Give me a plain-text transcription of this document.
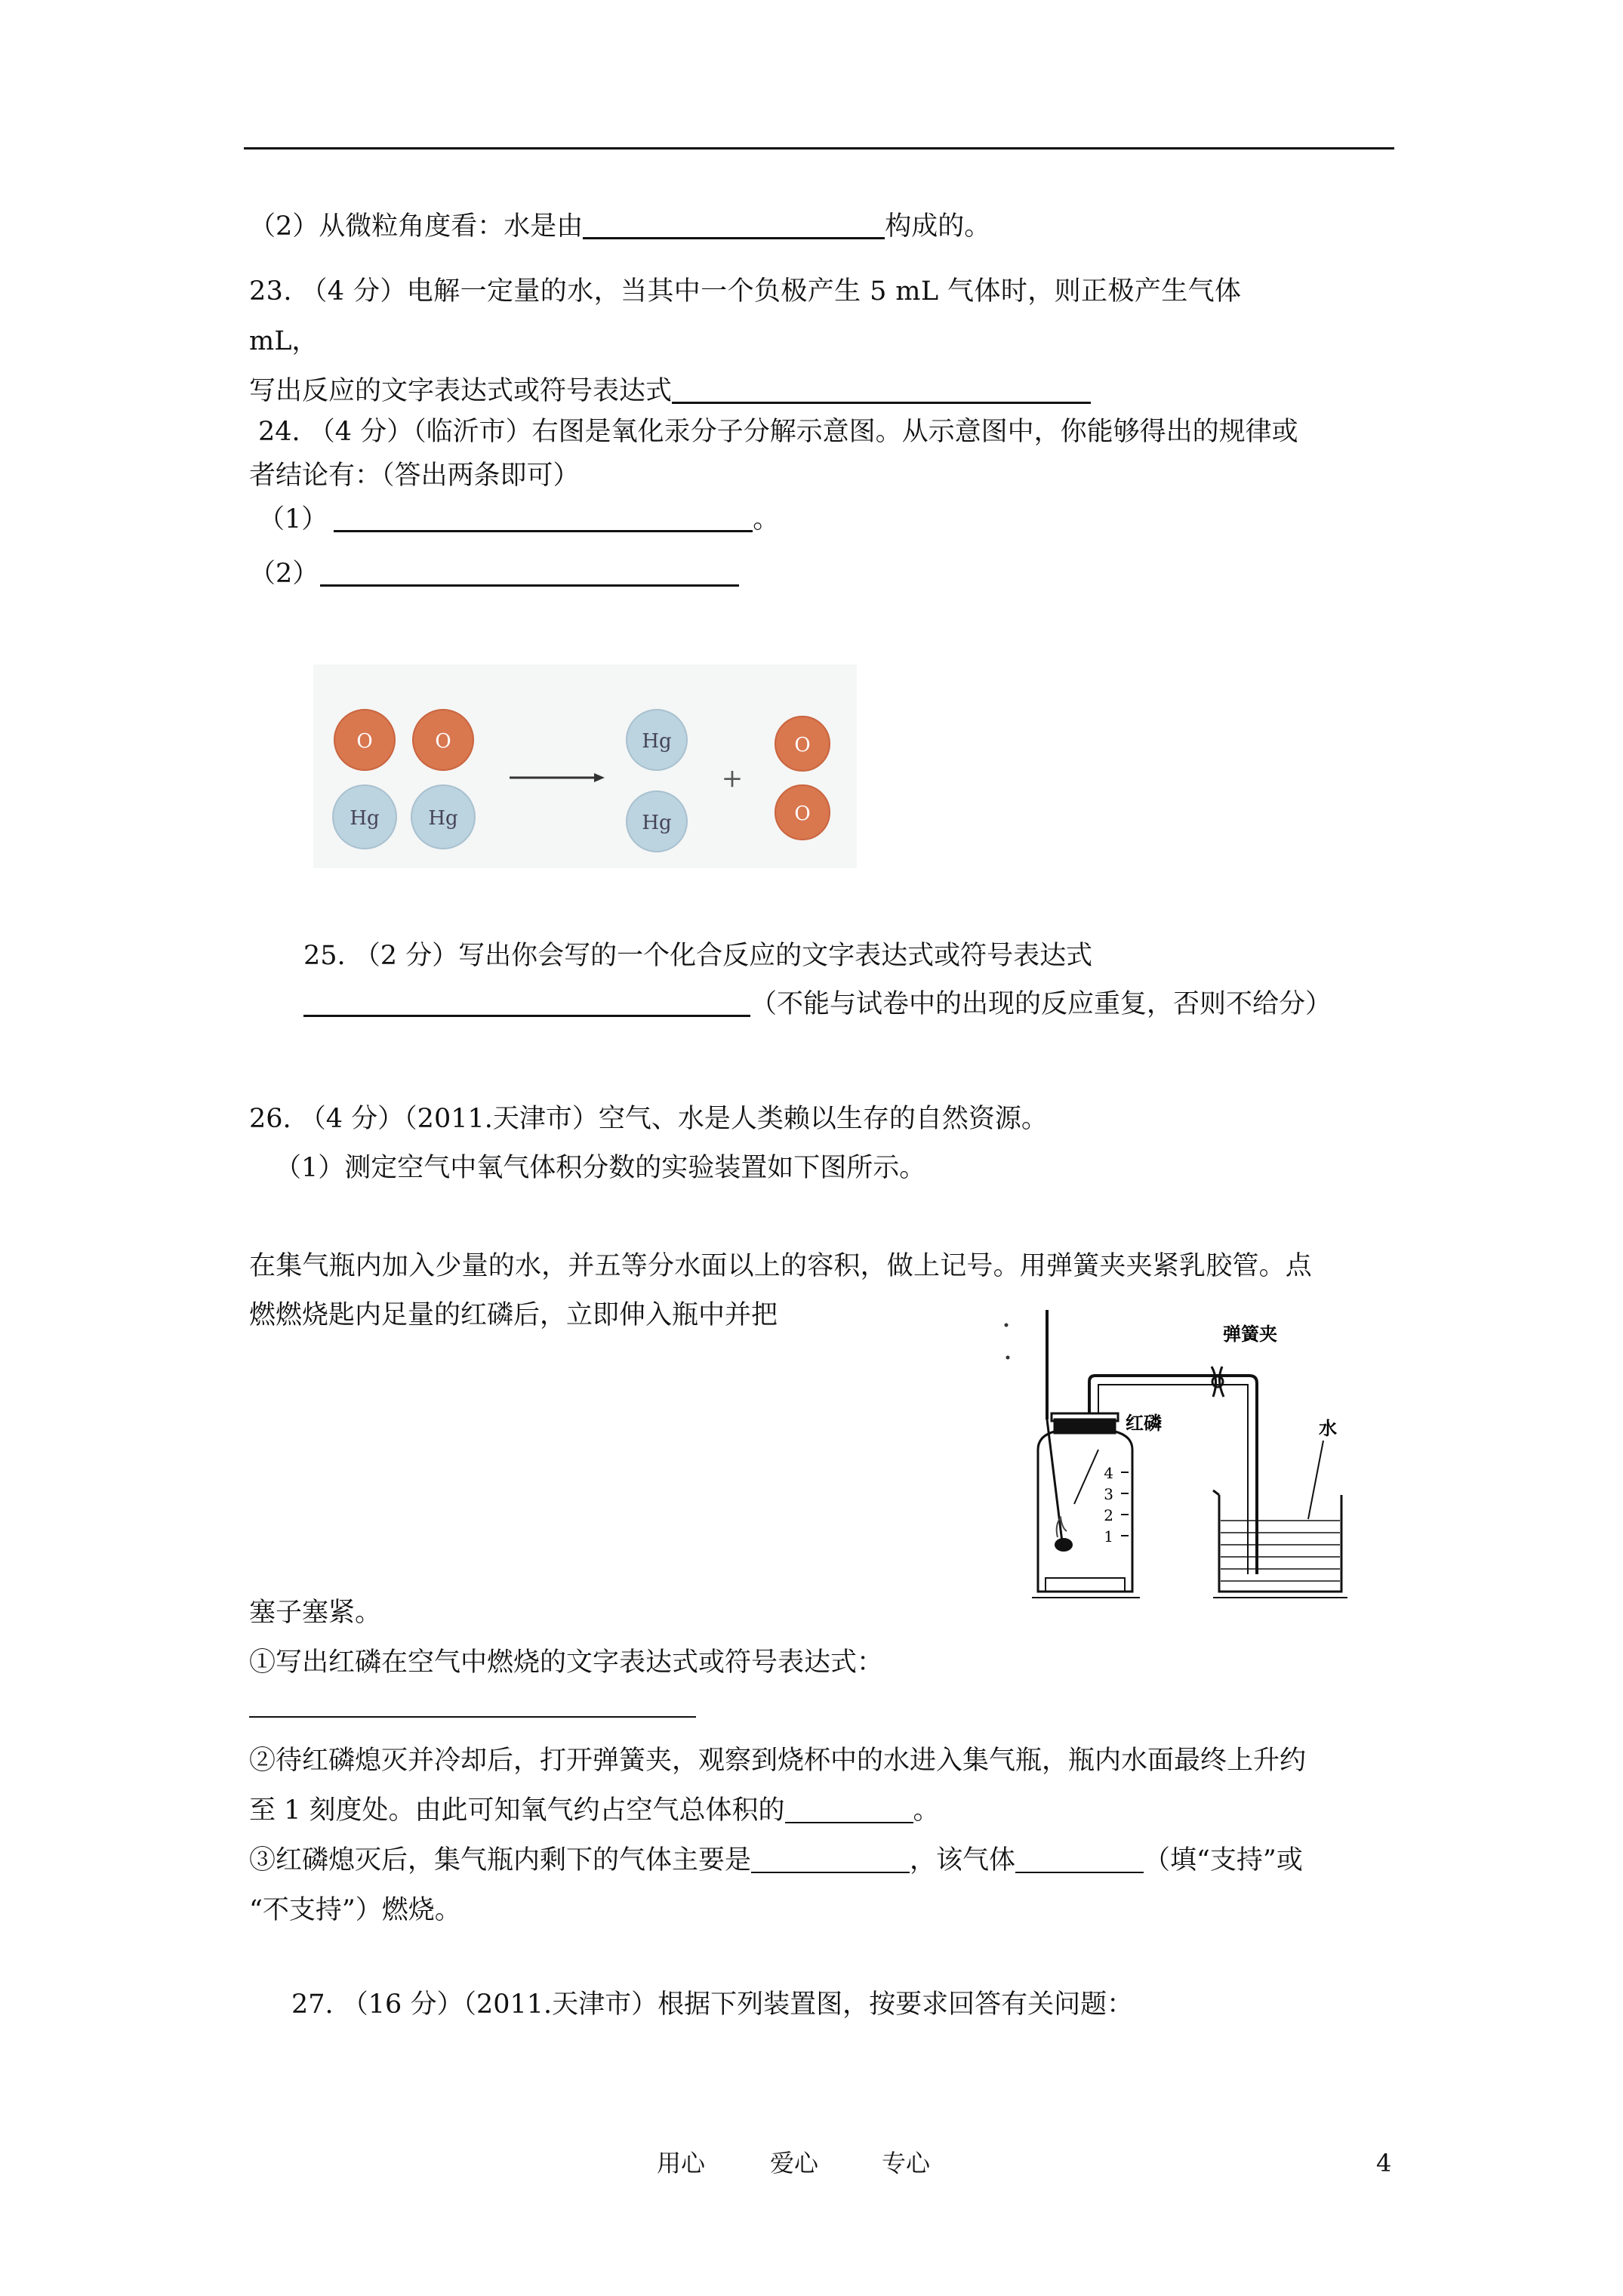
（2）从微粒角度看：水是由	构成的。
23. （4 分）电解一定量的水，当其中一个负极产生 5 mL 气体时，则正极产生气体
mL，
写出反应的文字表达式或符号表达式
24. （4 分）（临沂市）右图是氧化汞分子分解示意图。从示意图中，你能够得出的规律或
者结论有：（答出两条即可）
（1）	。
（2）
O
Hg
O
Hg
Hg
Hg
+
O
O
25. （2 分）写出你会写的一个化合反应的文字表达式或符号表达式
（不能与试卷中的出现的反应重复，否则不给分）
26. （4 分）（2011.天津市）空气、水是人类赖以生存的自然资源。
（1）测定空气中氧气体积分数的实验装置如下图所示。
在集气瓶内加入少量的水，并五等分水面以上的容积，做上记号。用弹簧夹夹紧乳胶管。点
燃燃烧匙内足量的红磷后，立即伸入瓶中并把
4
3
2
1
弹簧夹
红磷	水
塞子塞紧。
①写出红磷在空气中燃烧的文字表达式或符号表达式：
②待红磷熄灭并冷却后，打开弹簧夹，观察到烧杯中的水进入集气瓶，瓶内水面最终上升约
至 1 刻度处。由此可知氧气约占空气总体积的	。
③红磷熄灭后，集气瓶内剩下的气体主要是	，该气体	（填“支持”或
“不支持”）燃烧。
27. （16 分）（2011.天津市）根据下列装置图，按要求回答有关问题：
用心	爱心	专心	4
